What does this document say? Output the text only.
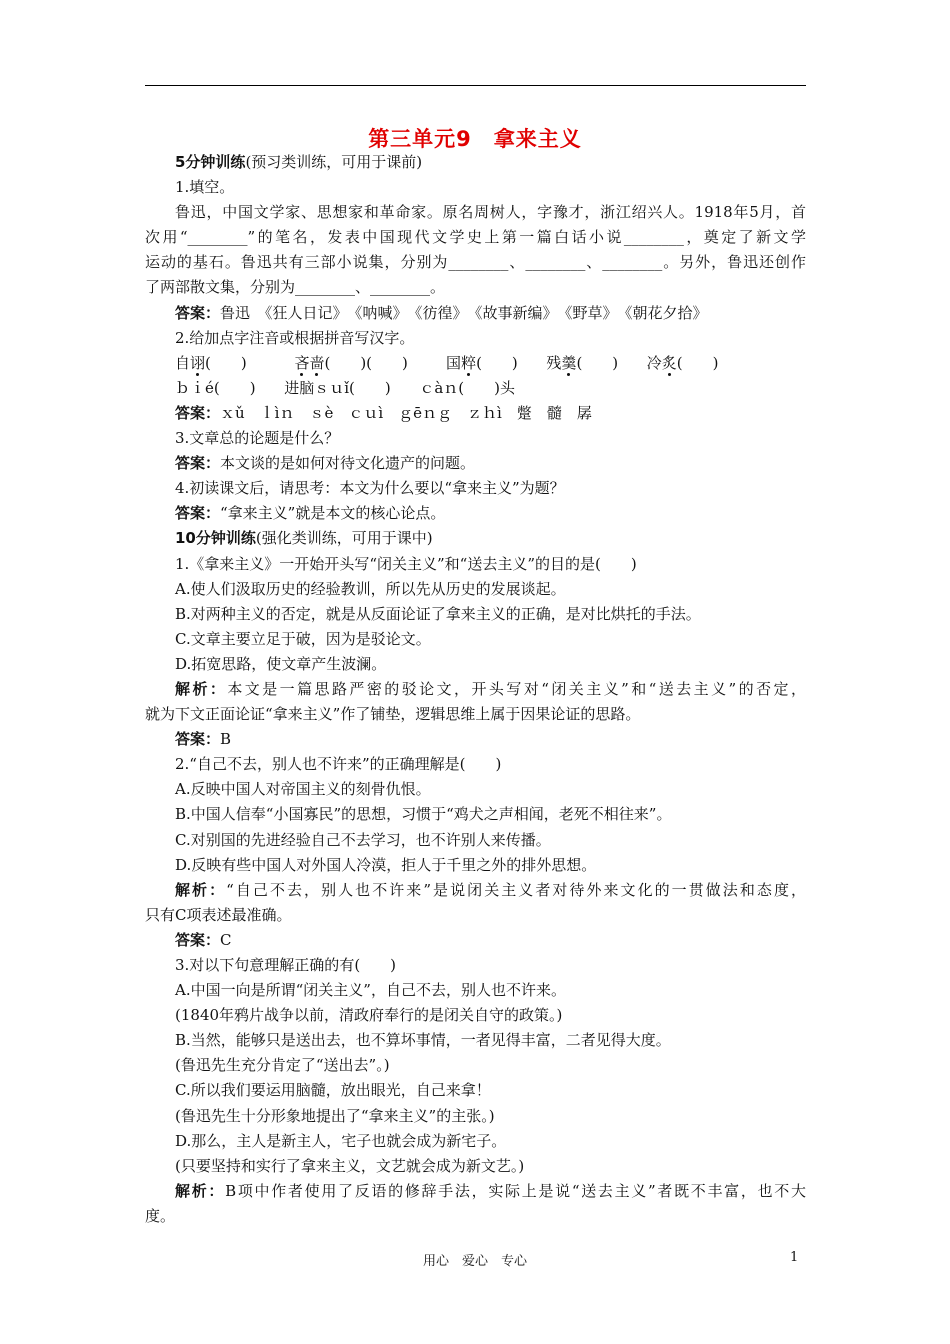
第三单元9　拿来主义

5分钟训练(预习类训练，可用于课前)

1.填空。

鲁迅，中国文学家、思想家和革命家。原名周树人，字豫才，浙江绍兴人。1918年5月，首

次用“________”的笔名，发表中国现代文学史上第一篇白话小说________，奠定了新文学

运动的基石。鲁迅共有三部小说集，分别为________、________、________。另外，鲁迅还创作

了两部散文集，分别为________、________。

答案：鲁迅　《狂人日记》　《呐喊》　《彷徨》　《故事新编》　《野草》　《朝花夕拾》

2.给加点字注音或根据拼音写汉字。

自诩(　　)	吝啬(　　)(　　)	国粹(　　) 残羹(　　) 冷炙(　　)

ｂｉé(　　) 进脑ｓｕǐ(　　) ｃàｎ(　　)头

答案：ｘǔ　ｌìｎ　ｓè　ｃｕì　ｇēｎｇ　ｚｈì　蹩　髓　孱

3.文章总的论题是什么？

答案：本文谈的是如何对待文化遗产的问题。

4.初读课文后，请思考：本文为什么要以“拿来主义”为题？

答案：“拿来主义”就是本文的核心论点。

10分钟训练(强化类训练，可用于课中)

1.《拿来主义》一开始开头写“闭关主义”和“送去主义”的目的是(　　)

A.使人们汲取历史的经验教训，所以先从历史的发展谈起。

B.对两种主义的否定，就是从反面论证了拿来主义的正确，是对比烘托的手法。

C.文章主要立足于破，因为是驳论文。

D.拓宽思路，使文章产生波澜。

解析：本文是一篇思路严密的驳论文，开头写对“闭关主义”和“送去主义”的否定，

就为下文正面论证“拿来主义”作了铺垫，逻辑思维上属于因果论证的思路。

答案：B

2.“自己不去，别人也不许来”的正确理解是(　　)

A.反映中国人对帝国主义的刻骨仇恨。

B.中国人信奉“小国寡民”的思想，习惯于“鸡犬之声相闻，老死不相往来”。

C.对别国的先进经验自己不去学习，也不许别人来传播。

D.反映有些中国人对外国人冷漠，拒人于千里之外的排外思想。

解析：“自己不去，别人也不许来”是说闭关主义者对待外来文化的一贯做法和态度，

只有C项表述最准确。

答案：C

3.对以下句意理解正确的有(　　)

A.中国一向是所谓“闭关主义”，自己不去，别人也不许来。

(1840年鸦片战争以前，清政府奉行的是闭关自守的政策。)

B.当然，能够只是送出去，也不算坏事情，一者见得丰富，二者见得大度。

(鲁迅先生充分肯定了“送出去”。)

C.所以我们要运用脑髓，放出眼光，自己来拿！

(鲁迅先生十分形象地提出了“拿来主义”的主张。)

D.那么，主人是新主人，宅子也就会成为新宅子。

(只要坚持和实行了拿来主义，文艺就会成为新文艺。)

解析：B项中作者使用了反语的修辞手法，实际上是说“送去主义”者既不丰富，也不大

度。

用心　爱心　专心	1
